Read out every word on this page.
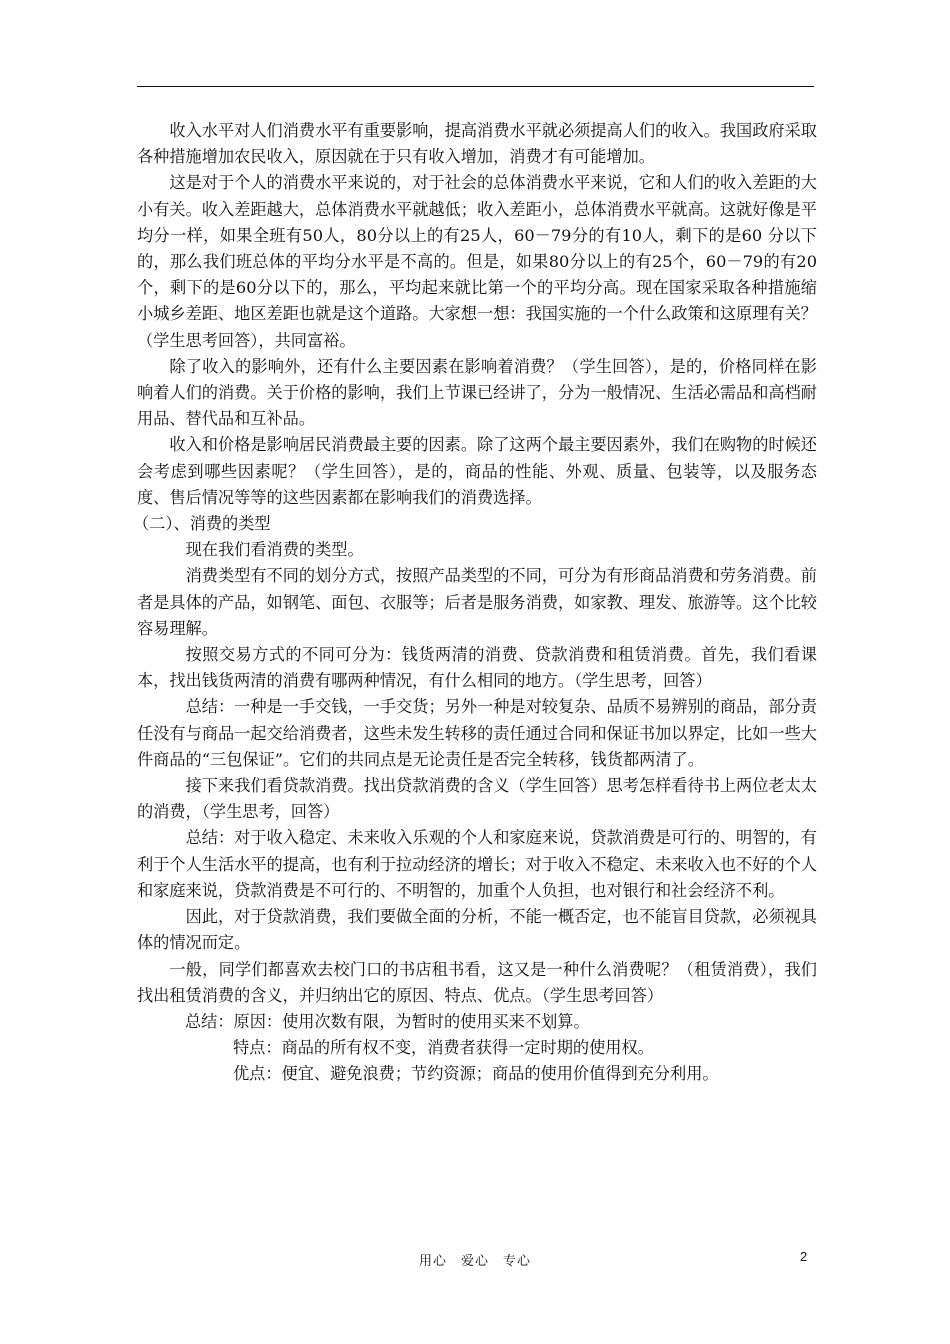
收入水平对人们消费水平有重要影响，提高消费水平就必须提高人们的收入。我国政府采取各种措施增加农民收入，原因就在于只有收入增加，消费才有可能增加。

这是对于个人的消费水平来说的，对于社会的总体消费水平来说，它和人们的收入差距的大小有关。收入差距越大，总体消费水平就越低；收入差距小，总体消费水平就高。这就好像是平均分一样，如果全班有50人，80分以上的有25人，60－79分的有10人，剩下的是60 分以下的，那么我们班总体的平均分水平是不高的。但是，如果80分以上的有25个，60－79的有20个，剩下的是60分以下的，那么，平均起来就比第一个的平均分高。现在国家采取各种措施缩小城乡差距、地区差距也就是这个道路。大家想一想：我国实施的一个什么政策和这原理有关？（学生思考回答），共同富裕。

除了收入的影响外，还有什么主要因素在影响着消费？（学生回答），是的，价格同样在影响着人们的消费。关于价格的影响，我们上节课已经讲了，分为一般情况、生活必需品和高档耐用品、替代品和互补品。

收入和价格是影响居民消费最主要的因素。除了这两个最主要因素外，我们在购物的时候还会考虑到哪些因素呢？（学生回答），是的，商品的性能、外观、质量、包装等，以及服务态度、售后情况等等的这些因素都在影响我们的消费选择。

（二）、消费的类型

现在我们看消费的类型。

消费类型有不同的划分方式，按照产品类型的不同，可分为有形商品消费和劳务消费。前者是具体的产品，如钢笔、面包、衣服等；后者是服务消费，如家教、理发、旅游等。这个比较容易理解。

按照交易方式的不同可分为：钱货两清的消费、贷款消费和租赁消费。首先，我们看课本，找出钱货两清的消费有哪两种情况，有什么相同的地方。（学生思考，回答）

总结：一种是一手交钱，一手交货；另外一种是对较复杂、品质不易辨别的商品，部分责任没有与商品一起交给消费者，这些未发生转移的责任通过合同和保证书加以界定，比如一些大件商品的“三包保证”。它们的共同点是无论责任是否完全转移，钱货都两清了。

接下来我们看贷款消费。找出贷款消费的含义（学生回答）思考怎样看待书上两位老太太的消费，（学生思考，回答）

总结：对于收入稳定、未来收入乐观的个人和家庭来说，贷款消费是可行的、明智的，有利于个人生活水平的提高，也有利于拉动经济的增长；对于收入不稳定、未来收入也不好的个人和家庭来说，贷款消费是不可行的、不明智的，加重个人负担，也对银行和社会经济不利。

因此，对于贷款消费，我们要做全面的分析，不能一概否定，也不能盲目贷款，必须视具体的情况而定。

一般，同学们都喜欢去校门口的书店租书看，这又是一种什么消费呢？（租赁消费），我们找出租赁消费的含义，并归纳出它的原因、特点、优点。（学生思考回答）

总结：原因：使用次数有限，为暂时的使用买来不划算。
特点：商品的所有权不变，消费者获得一定时期的使用权。
优点：便宜、避免浪费；节约资源；商品的使用价值得到充分利用。
用心　爱心　专心	2
